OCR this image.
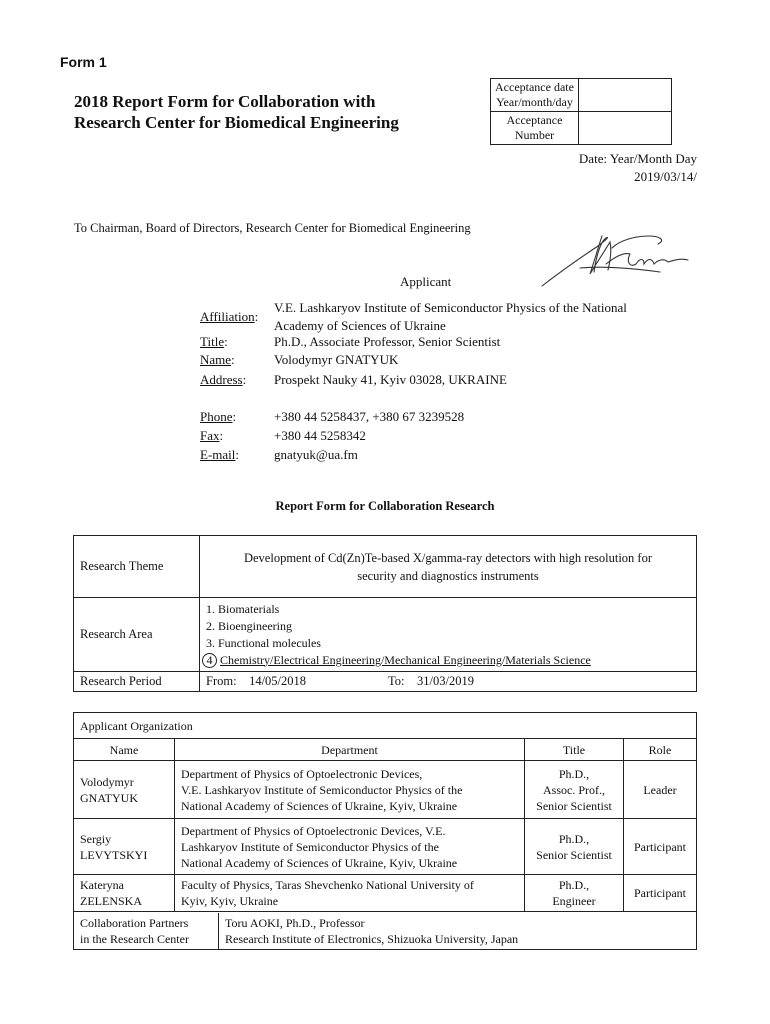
Form 1
2018 Report Form for Collaboration with
Research Center for Biomedical Engineering
Acceptance date
Year/month/day	
Acceptance
Number	
Date: Year/Month Day
2019/03/14/
To Chairman, Board of Directors, Research Center for Biomedical Engineering
Applicant
Affiliation:
V.E. Lashkaryov Institute of Semiconductor Physics of the National
Academy of Sciences of Ukraine
Title:	Ph.D., Associate Professor, Senior Scientist
Name:	Volodymyr GNATYUK
Address: Prospekt Nauky 41, Kyiv 03028, UKRAINE
Phone:	+380 44 5258437, +380 67 3239528
Fax:	+380 44 5258342
E-mail:	gnatyuk@ua.fm
Report Form for Collaboration Research
Research Theme	Development of Cd(Zn)Te-based X/gamma-ray detectors with high resolution for
security and diagnostics instruments

Research Area	1. Biomaterials
2. Bioengineering
3. Functional molecules
4 Chemistry/Electrical Engineering/Mechanical Engineering/Materials Science

Research Period	From: 14/05/2018 To: 31/03/2019
Applicant Organization
Name	Department	Title	Role
Volodymyr
GNATYUK	Department of Physics of Optoelectronic Devices,
V.E. Lashkaryov Institute of Semiconductor Physics of the
National Academy of Sciences of Ukraine, Kyiv, Ukraine	Ph.D.,
Assoc. Prof.,
Senior Scientist	Leader
Sergiy
LEVYTSKYI	Department of Physics of Optoelectronic Devices, V.E.
Lashkaryov Institute of Semiconductor Physics of the
National Academy of Sciences of Ukraine, Kyiv, Ukraine	Ph.D.,
Senior Scientist	Participant
Kateryna
ZELENSKA	Faculty of Physics, Taras Shevchenko National University of
Kyiv, Kyiv, Ukraine	Ph.D.,
Engineer	Participant

Collaboration Partners
in the Research Center	Toru AOKI, Ph.D., Professor
Research Institute of Electronics, Shizuoka University, Japan
